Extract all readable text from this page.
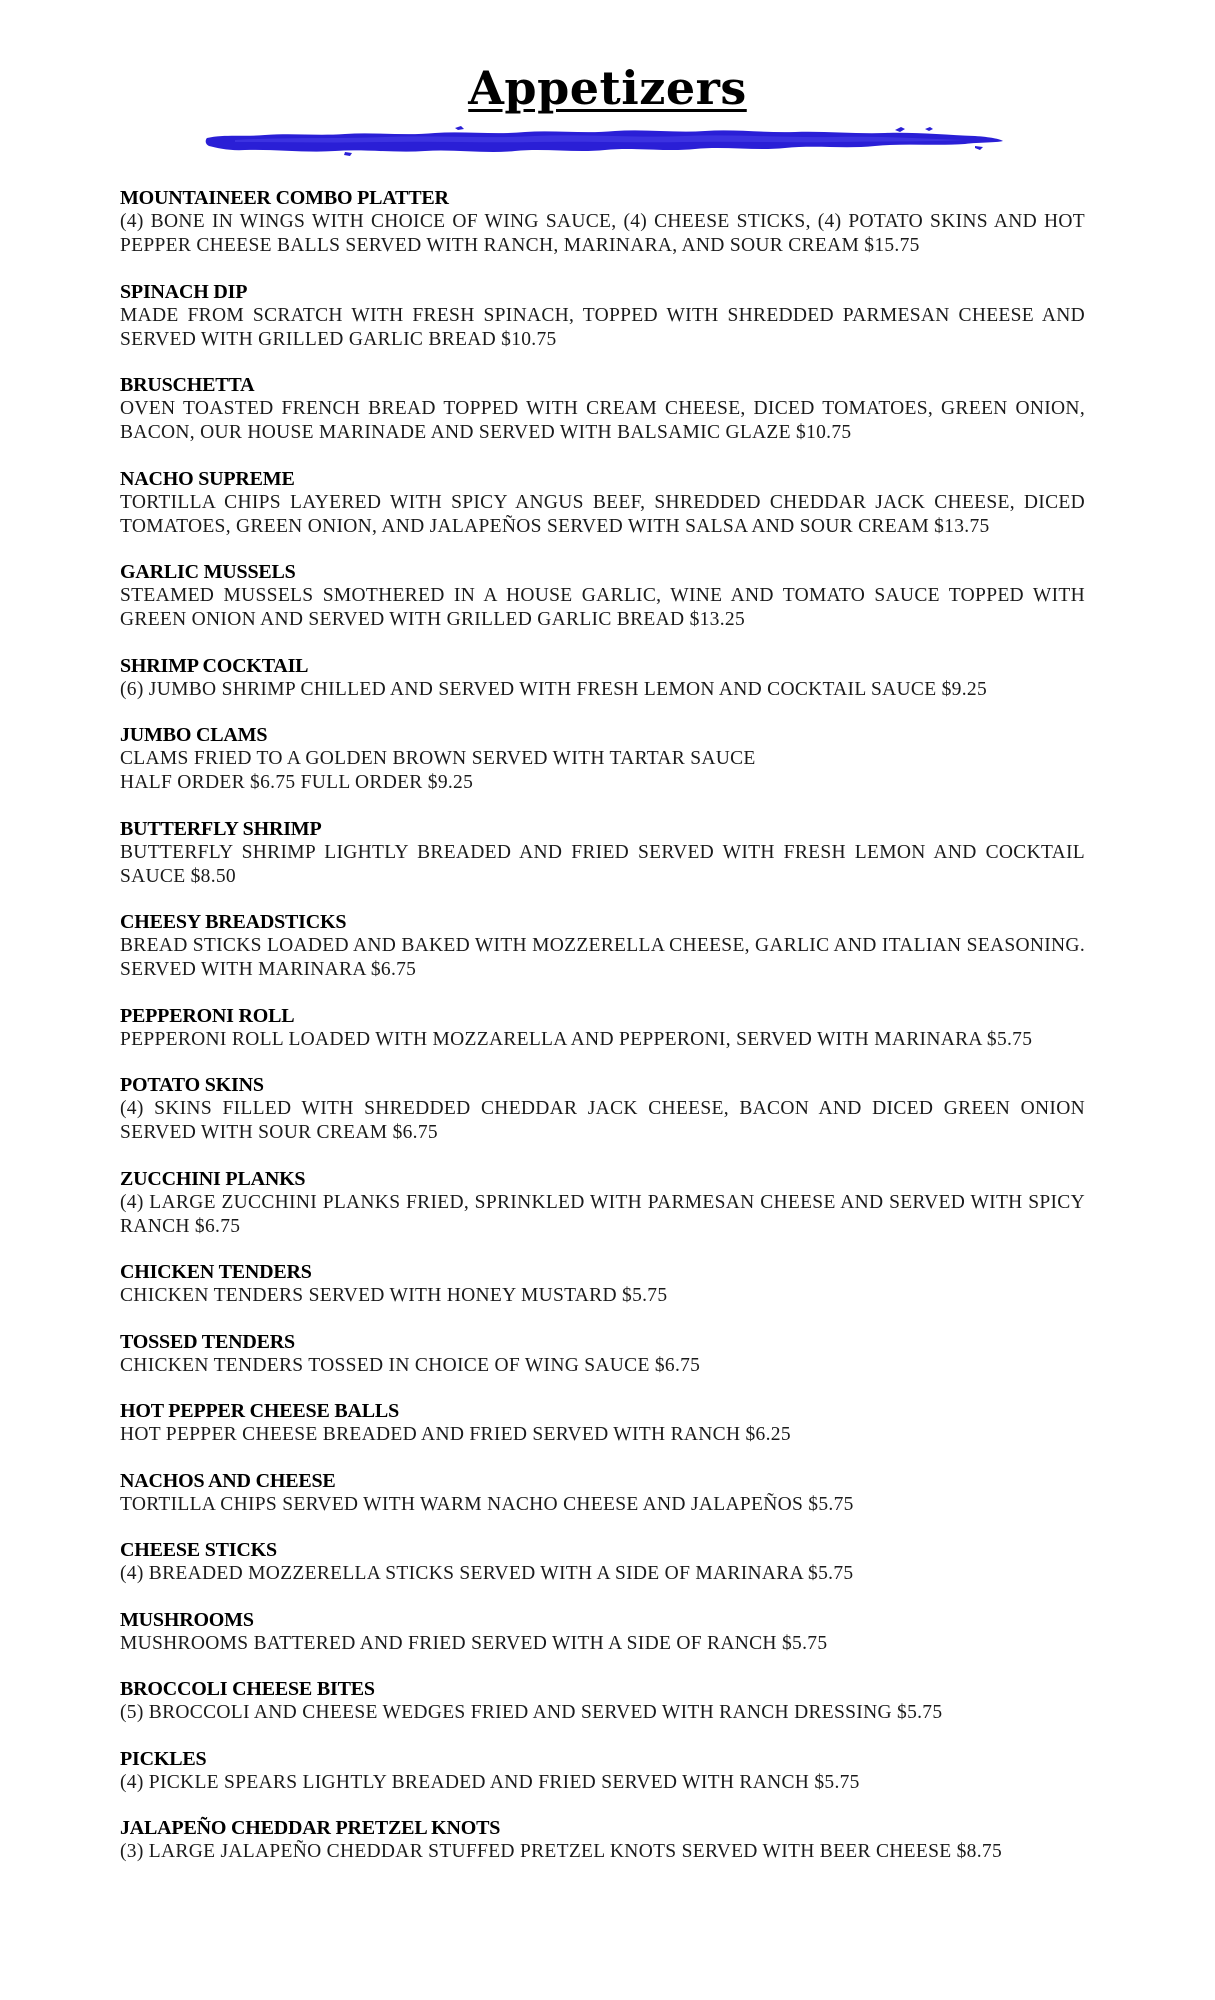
Appetizers
MOUNTAINEER COMBO PLATTER
(4) BONE IN WINGS WITH CHOICE OF WING SAUCE, (4) CHEESE STICKS, (4) POTATO SKINS AND HOT PEPPER CHEESE BALLS SERVED WITH RANCH, MARINARA, AND SOUR CREAM $15.75
SPINACH DIP
MADE FROM SCRATCH WITH FRESH SPINACH, TOPPED WITH SHREDDED PARMESAN CHEESE AND SERVED WITH GRILLED GARLIC BREAD $10.75
BRUSCHETTA
OVEN TOASTED FRENCH BREAD TOPPED WITH CREAM CHEESE, DICED TOMATOES, GREEN ONION, BACON, OUR HOUSE MARINADE AND SERVED WITH BALSAMIC GLAZE $10.75
NACHO SUPREME
TORTILLA CHIPS LAYERED WITH SPICY ANGUS BEEF, SHREDDED CHEDDAR JACK CHEESE, DICED TOMATOES, GREEN ONION, AND JALAPEÑOS SERVED WITH SALSA AND SOUR CREAM $13.75
GARLIC MUSSELS
STEAMED MUSSELS SMOTHERED IN A HOUSE GARLIC, WINE AND TOMATO SAUCE TOPPED WITH GREEN ONION AND SERVED WITH GRILLED GARLIC BREAD $13.25
SHRIMP COCKTAIL
(6) JUMBO SHRIMP CHILLED AND SERVED WITH FRESH LEMON AND COCKTAIL SAUCE $9.25
JUMBO CLAMS
CLAMS FRIED TO A GOLDEN BROWN SERVED WITH TARTAR SAUCE
HALF ORDER $6.75 FULL ORDER $9.25
BUTTERFLY SHRIMP
BUTTERFLY SHRIMP LIGHTLY BREADED AND FRIED SERVED WITH FRESH LEMON AND COCKTAIL SAUCE $8.50
CHEESY BREADSTICKS
BREAD STICKS LOADED AND BAKED WITH MOZZERELLA CHEESE, GARLIC AND ITALIAN SEASONING. SERVED WITH MARINARA $6.75
PEPPERONI ROLL
PEPPERONI ROLL LOADED WITH MOZZARELLA AND PEPPERONI, SERVED WITH MARINARA $5.75
POTATO SKINS
(4) SKINS FILLED WITH SHREDDED CHEDDAR JACK CHEESE, BACON AND DICED GREEN ONION SERVED WITH SOUR CREAM $6.75
ZUCCHINI PLANKS
(4) LARGE ZUCCHINI PLANKS FRIED, SPRINKLED WITH PARMESAN CHEESE AND SERVED WITH SPICY RANCH $6.75
CHICKEN TENDERS
CHICKEN TENDERS SERVED WITH HONEY MUSTARD $5.75
TOSSED TENDERS
CHICKEN TENDERS TOSSED IN CHOICE OF WING SAUCE $6.75
HOT PEPPER CHEESE BALLS
HOT PEPPER CHEESE BREADED AND FRIED SERVED WITH RANCH $6.25
NACHOS AND CHEESE
TORTILLA CHIPS SERVED WITH WARM NACHO CHEESE AND JALAPEÑOS $5.75
CHEESE STICKS
(4) BREADED MOZZERELLA STICKS SERVED WITH A SIDE OF MARINARA $5.75
MUSHROOMS
MUSHROOMS BATTERED AND FRIED SERVED WITH A SIDE OF RANCH $5.75
BROCCOLI CHEESE BITES
(5) BROCCOLI AND CHEESE WEDGES FRIED AND SERVED WITH RANCH DRESSING $5.75
PICKLES
(4) PICKLE SPEARS LIGHTLY BREADED AND FRIED SERVED WITH RANCH $5.75
JALAPEÑO CHEDDAR PRETZEL KNOTS
(3) LARGE JALAPEÑO CHEDDAR STUFFED PRETZEL KNOTS SERVED WITH BEER CHEESE $8.75
